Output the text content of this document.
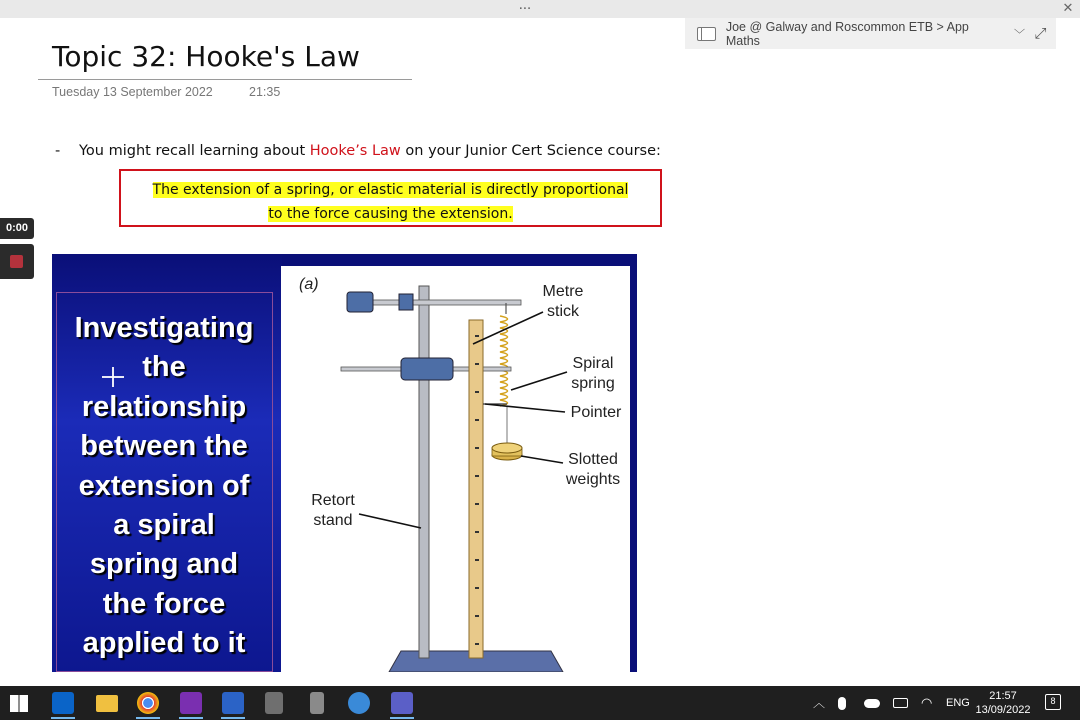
...	✕
Joe @ Galway and Roscommon ETB > App Maths	﹀ ⤢
Topic 32: Hooke's Law
Tuesday 13 September 2022	21:35
- You might recall learning about Hooke’s Law on your Junior Cert Science course:
The extension of a spring, or elastic material is directly proportional
to the force causing the extension.
0:00
Investigating
the
relationship
between the
extension of
a spiral
spring and
the force
applied to it
(a)	Metre
stick
Spiral
spring
Pointer
Slotted
weights
Retort
stand
︿	◠ ENG
21:57
13/09/2022
8
